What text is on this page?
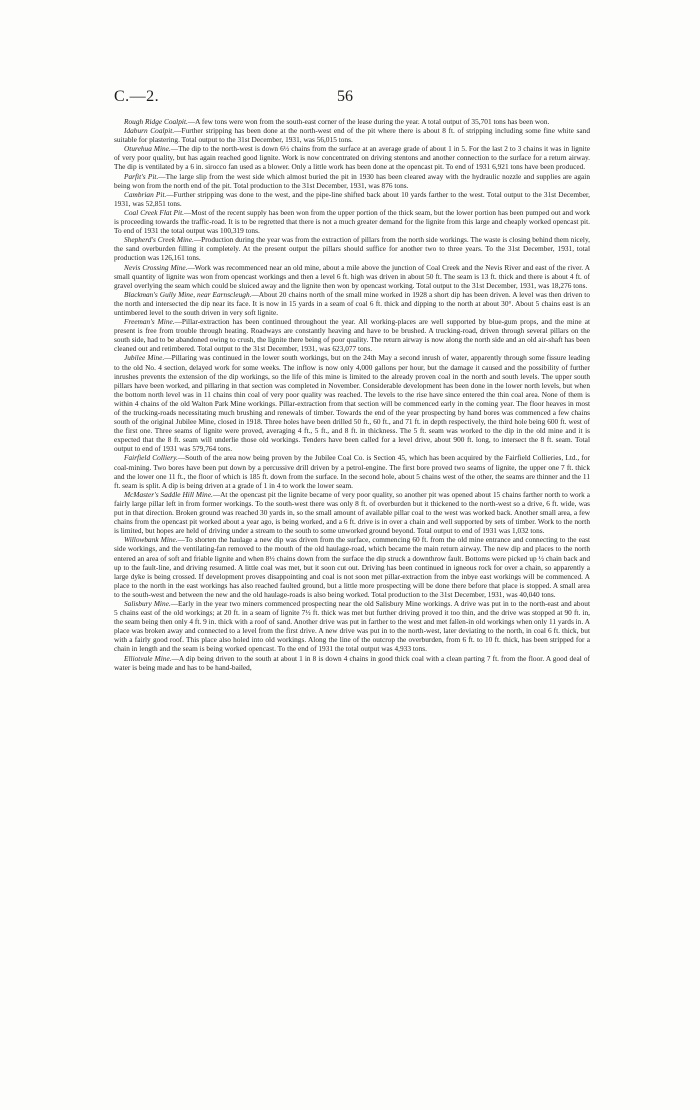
C.—2.	56

Rough Ridge Coalpit.—A few tons were won from the south-east corner of the lease during the year. A total output of 35,701 tons has been won.

Idaburn Coalpit.—Further stripping has been done at the north-west end of the pit where there is about 8 ft. of stripping including some fine white sand suitable for plastering. Total output to the 31st December, 1931, was 56,015 tons.

Oturehua Mine.—The dip to the north-west is down 6½ chains from the surface at an average grade of about 1 in 5. For the last 2 to 3 chains it was in lignite of very poor quality, but has again reached good lignite. Work is now concentrated on driving stentons and another connection to the surface for a return airway. The dip is ventilated by a 6 in. sirocco fan used as a blower. Only a little work has been done at the opencast pit. To end of 1931 6,921 tons have been produced.

Parfit's Pit.—The large slip from the west side which almost buried the pit in 1930 has been cleared away with the hydraulic nozzle and supplies are again being won from the north end of the pit. Total production to the 31st December, 1931, was 876 tons.

Cambrian Pit.—Further stripping was done to the west, and the pipe-line shifted back about 10 yards farther to the west. Total output to the 31st December, 1931, was 52,851 tons.

Coal Creek Flat Pit.—Most of the recent supply has been won from the upper portion of the thick seam, but the lower portion has been pumped out and work is proceeding towards the traffic-road. It is to be regretted that there is not a much greater demand for the lignite from this large and cheaply worked opencast pit. To end of 1931 the total output was 100,319 tons.

Shepherd's Creek Mine.—Production during the year was from the extraction of pillars from the north side workings. The waste is closing behind them nicely, the sand overburden filling it completely. At the present output the pillars should suffice for another two to three years. To the 31st December, 1931, total production was 126,161 tons.

Nevis Crossing Mine.—Work was recommenced near an old mine, about a mile above the junction of Coal Creek and the Nevis River and east of the river. A small quantity of lignite was won from opencast workings and then a level 6 ft. high was driven in about 50 ft. The seam is 13 ft. thick and there is about 4 ft. of gravel overlying the seam which could be sluiced away and the lignite then won by opencast working. Total output to the 31st December, 1931, was 18,276 tons.

Blackman's Gully Mine, near Earnscleugh.—About 20 chains north of the small mine worked in 1928 a short dip has been driven. A level was then driven to the north and intersected the dip near its face. It is now in 15 yards in a seam of coal 6 ft. thick and dipping to the north at about 30°. About 5 chains east is an untimbered level to the south driven in very soft lignite.

Freeman's Mine.—Pillar-extraction has been continued throughout the year. All working-places are well supported by blue-gum props, and the mine at present is free from trouble through heating. Roadways are constantly heaving and have to be brushed. A trucking-road, driven through several pillars on the south side, had to be abandoned owing to crush, the lignite there being of poor quality. The return airway is now along the north side and an old air-shaft has been cleaned out and retimbered. Total output to the 31st December, 1931, was 623,077 tons.

Jubilee Mine.—Pillaring was continued in the lower south workings, but on the 24th May a second inrush of water, apparently through some fissure leading to the old No. 4 section, delayed work for some weeks. The inflow is now only 4,000 gallons per hour, but the damage it caused and the possibility of further inrushes prevents the extension of the dip workings, so the life of this mine is limited to the already proven coal in the north and south levels. The upper south pillars have been worked, and pillaring in that section was completed in November. Considerable development has been done in the lower north levels, but when the bottom north level was in 11 chains thin coal of very poor quality was reached. The levels to the rise have since entered the thin coal area. None of them is within 4 chains of the old Walton Park Mine workings. Pillar-extraction from that section will be commenced early in the coming year. The floor heaves in most of the trucking-roads necessitating much brushing and renewals of timber. Towards the end of the year prospecting by hand bores was commenced a few chains south of the original Jubilee Mine, closed in 1918. Three holes have been drilled 50 ft., 60 ft., and 71 ft. in depth respectively, the third hole being 600 ft. west of the first one. Three seams of lignite were proved, averaging 4 ft., 5 ft., and 8 ft. in thickness. The 5 ft. seam was worked to the dip in the old mine and it is expected that the 8 ft. seam will underlie those old workings. Tenders have been called for a level drive, about 900 ft. long, to intersect the 8 ft. seam. Total output to end of 1931 was 579,764 tons.

Fairfield Colliery.—South of the area now being proven by the Jubilee Coal Co. is Section 45, which has been acquired by the Fairfield Collieries, Ltd., for coal-mining. Two bores have been put down by a percussive drill driven by a petrol-engine. The first bore proved two seams of lignite, the upper one 7 ft. thick and the lower one 11 ft., the floor of which is 185 ft. down from the surface. In the second hole, about 5 chains west of the other, the seams are thinner and the 11 ft. seam is split. A dip is being driven at a grade of 1 in 4 to work the lower seam.

McMaster's Saddle Hill Mine.—At the opencast pit the lignite became of very poor quality, so another pit was opened about 15 chains farther north to work a fairly large pillar left in from former workings. To the south-west there was only 8 ft. of overburden but it thickened to the north-west so a drive, 6 ft. wide, was put in that direction. Broken ground was reached 30 yards in, so the small amount of available pillar coal to the west was worked back. Another small area, a few chains from the opencast pit worked about a year ago, is being worked, and a 6 ft. drive is in over a chain and well supported by sets of timber. Work to the north is limited, but hopes are held of driving under a stream to the south to some unworked ground beyond. Total output to end of 1931 was 1,032 tons.

Willowbank Mine.—To shorten the haulage a new dip was driven from the surface, commencing 60 ft. from the old mine entrance and connecting to the east side workings, and the ventilating-fan removed to the mouth of the old haulage-road, which became the main return airway. The new dip and places to the north entered an area of soft and friable lignite and when 8½ chains down from the surface the dip struck a downthrow fault. Bottoms were picked up ½ chain back and up to the fault-line, and driving resumed. A little coal was met, but it soon cut out. Driving has been continued in igneous rock for over a chain, so apparently a large dyke is being crossed. If development proves disappointing and coal is not soon met pillar-extraction from the inbye east workings will be commenced. A place to the north in the east workings has also reached faulted ground, but a little more prospecting will be done there before that place is stopped. A small area to the south-west and between the new and the old haulage-roads is also being worked. Total production to the 31st December, 1931, was 40,040 tons.

Salisbury Mine.—Early in the year two miners commenced prospecting near the old Salisbury Mine workings. A drive was put in to the north-east and about 5 chains east of the old workings; at 20 ft. in a seam of lignite 7½ ft. thick was met but further driving proved it too thin, and the drive was stopped at 90 ft. in, the seam being then only 4 ft. 9 in. thick with a roof of sand. Another drive was put in farther to the west and met fallen-in old workings when only 11 yards in. A place was broken away and connected to a level from the first drive. A new drive was put in to the north-west, later deviating to the north, in coal 6 ft. thick, but with a fairly good roof. This place also holed into old workings. Along the line of the outcrop the overburden, from 6 ft. to 10 ft. thick, has been stripped for a chain in length and the seam is being worked opencast. To the end of 1931 the total output was 4,933 tons.

Elliotvale Mine.—A dip being driven to the south at about 1 in 8 is down 4 chains in good thick coal with a clean parting 7 ft. from the floor. A good deal of water is being made and has to be hand-bailed,
